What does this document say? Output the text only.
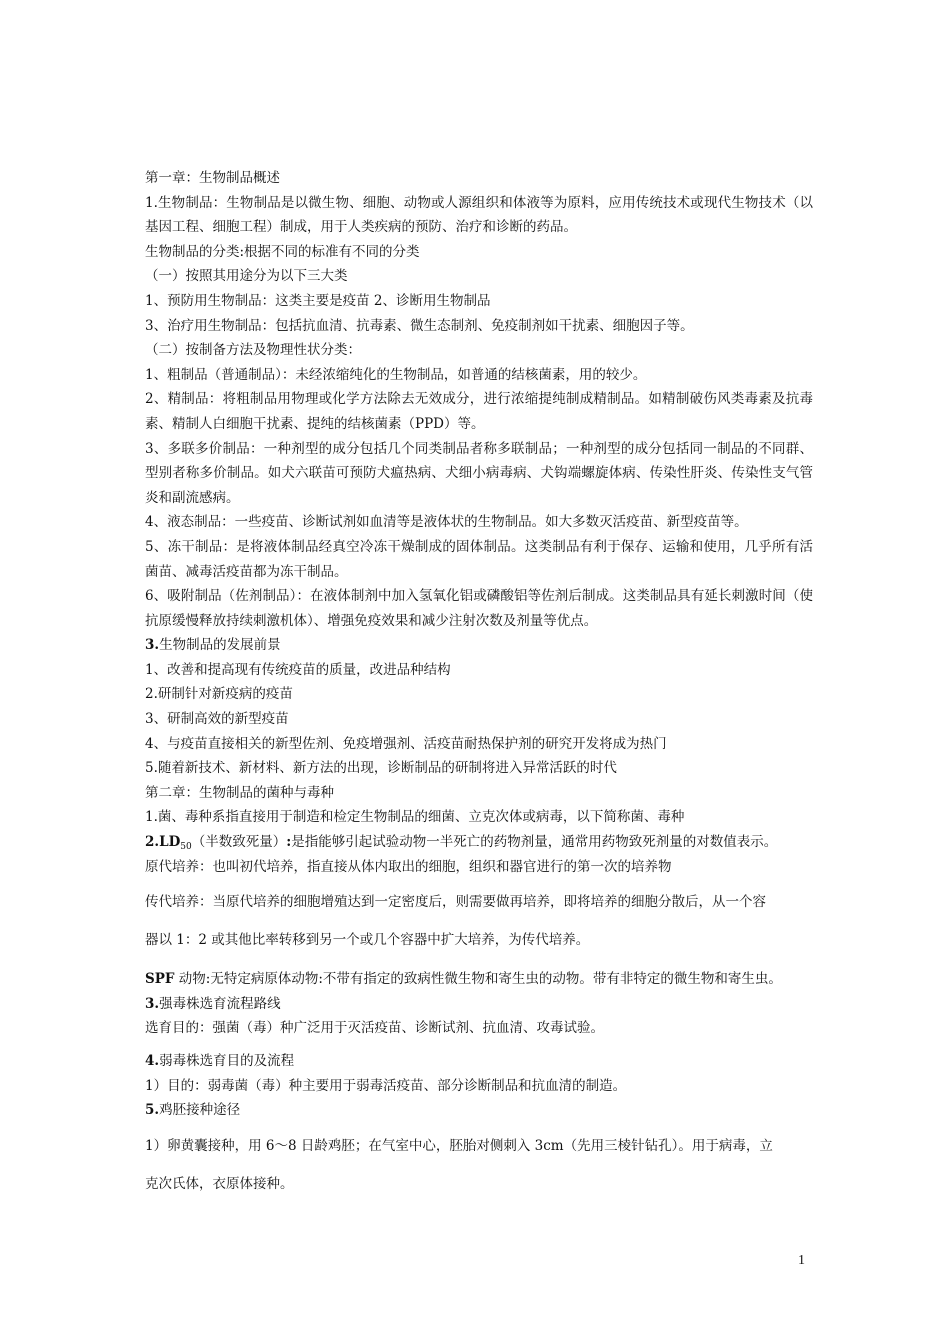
第一章：生物制品概述
1.生物制品：生物制品是以微生物、细胞、动物或人源组织和体液等为原料，应用传统技术或现代生物技术（以基因工程、细胞工程）制成，用于人类疾病的预防、治疗和诊断的药品。
生物制品的分类:根据不同的标准有不同的分类
（一）按照其用途分为以下三大类
1、预防用生物制品：这类主要是疫苗 2、诊断用生物制品
3、治疗用生物制品：包括抗血清、抗毒素、微生态制剂、免疫制剂如干扰素、细胞因子等。
（二）按制备方法及物理性状分类：
1、粗制品（普通制品）：未经浓缩纯化的生物制品，如普通的结核菌素，用的较少。
2、精制品：将粗制品用物理或化学方法除去无效成分，进行浓缩提纯制成精制品。如精制破伤风类毒素及抗毒素、精制人白细胞干扰素、提纯的结核菌素（PPD）等。
3、多联多价制品：一种剂型的成分包括几个同类制品者称多联制品；一种剂型的成分包括同一制品的不同群、型别者称多价制品。如犬六联苗可预防犬瘟热病、犬细小病毒病、犬钩端螺旋体病、传染性肝炎、传染性支气管炎和副流感病。
4、液态制品：一些疫苗、诊断试剂如血清等是液体状的生物制品。如大多数灭活疫苗、新型疫苗等。
5、冻干制品：是将液体制品经真空冷冻干燥制成的固体制品。这类制品有利于保存、运输和使用，几乎所有活菌苗、减毒活疫苗都为冻干制品。
6、吸附制品（佐剂制品）：在液体制剂中加入氢氧化铝或磷酸铝等佐剂后制成。这类制品具有延长刺激时间（使抗原缓慢释放持续刺激机体）、增强免疫效果和减少注射次数及剂量等优点。
3.生物制品的发展前景
1、改善和提高现有传统疫苗的质量，改进品种结构
2.研制针对新疫病的疫苗
3、研制高效的新型疫苗
4、与疫苗直接相关的新型佐剂、免疫增强剂、活疫苗耐热保护剂的研究开发将成为热门
5.随着新技术、新材料、新方法的出现，诊断制品的研制将进入异常活跃的时代
第二章：生物制品的菌种与毒种
1.菌、毒种系指直接用于制造和检定生物制品的细菌、立克次体或病毒，以下简称菌、毒种
$2.LD_{50}$（半数致死量）:是指能够引起试验动物一半死亡的药物剂量，通常用药物致死剂量的对数值表示。
原代培养：也叫初代培养，指直接从体内取出的细胞，组织和器官进行的第一次的培养物
传代培养：当原代培养的细胞增殖达到一定密度后，则需要做再培养，即将培养的细胞分散后，从一个容
器以 1：2 或其他比率转移到另一个或几个容器中扩大培养，为传代培养。
SPF 动物:无特定病原体动物:不带有指定的致病性微生物和寄生虫的动物。带有非特定的微生物和寄生虫。
3.强毒株选育流程路线
选育目的：强菌（毒）种广泛用于灭活疫苗、诊断试剂、抗血清、攻毒试验。
4.弱毒株选育目的及流程
1）目的：弱毒菌（毒）种主要用于弱毒活疫苗、部分诊断制品和抗血清的制造。
5.鸡胚接种途径
1）卵黄囊接种，用 6～8 日龄鸡胚；在气室中心，胚胎对侧刺入 3cm（先用三棱针钻孔）。用于病毒，立
克次氏体，衣原体接种。
1
